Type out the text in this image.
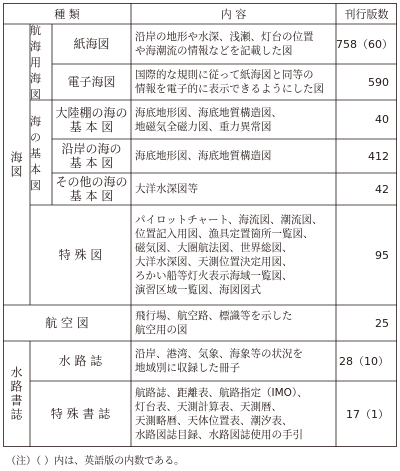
種 類	内 容	刊行版数
海図
航海用海図
海の基本図
水路書誌
紙海図
電子海図
大陸棚の海の
基 本 図
沿岸の海の
基 本 図
その他の海の
基 本 図
特 殊 図
航 空 図
水 路 誌
特 殊 書 誌
沿岸の地形や水深、浅瀬、灯台の位置
や海潮流の情報などを記載した図
国際的な規則に従って紙海図と同等の
情報を電子的に表示できるようにした図
海底地形図、海底地質構造図、
地磁気全磁力図、重力異常図
海底地形図、海底地質構造図
大洋水深図等
パイロットチャート、海流図、潮流図、
位置記入用図、漁具定置箇所一覧図、
磁気図、大圏航法図、世界総図、
大洋水深図、天測位置決定用図、
ろかい船等灯火表示海域一覧図、
演習区域一覧図、海図図式
飛行場、航空路、標識等を示した
航空用の図
沿岸、港湾、気象、海象等の状況を
地域別に収録した冊子
航路誌、距離表、航路指定（IMO）、
灯台表、天測計算表、天測暦、
天測略暦、天体位置表、潮汐表、
水路図誌目録、水路図誌使用の手引
758（60）
590
40
412
42
95
25
28（10）
17（1）
（注）（ ）内は、英語版の内数である。
